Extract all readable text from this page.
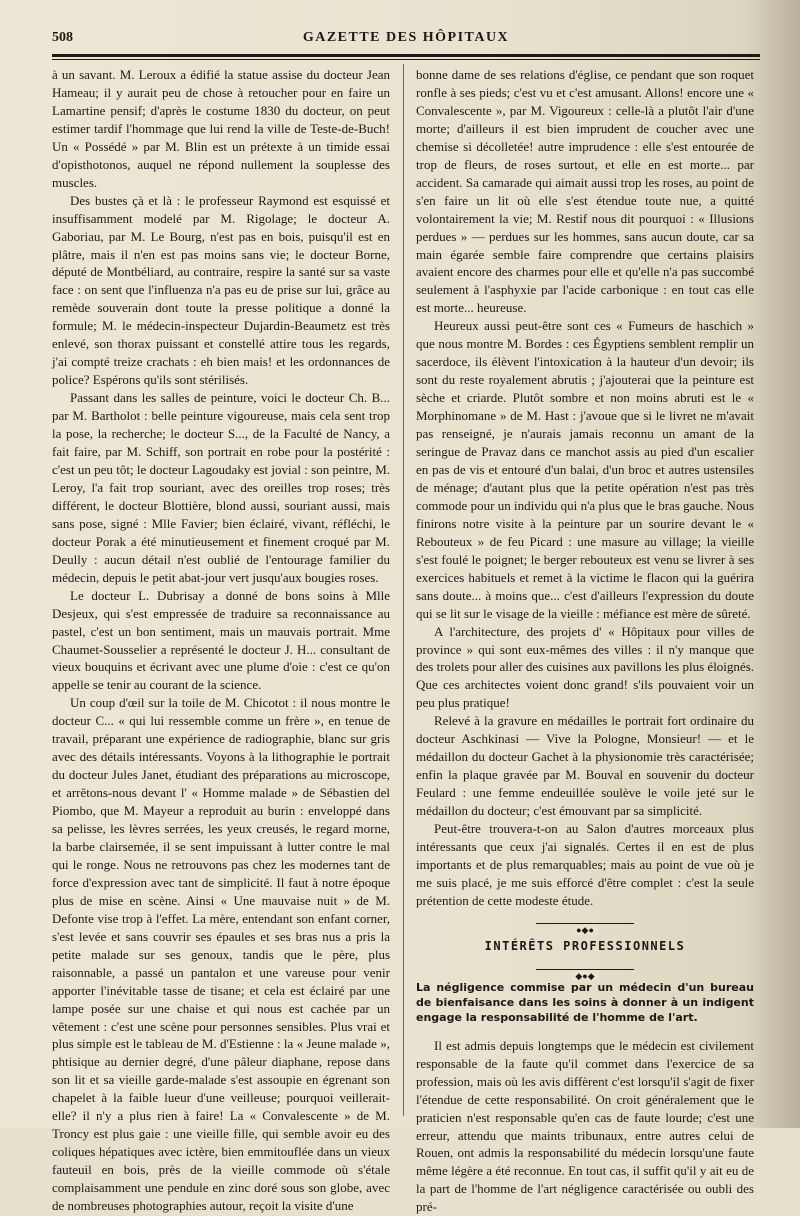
508	GAZETTE DES HÔPITAUX

à un savant. M. Leroux a édifié la statue assise du docteur Jean Hameau; il y aurait peu de chose à retoucher pour en faire un Lamartine pensif; d'après le costume 1830 du docteur, on peut estimer tardif l'hommage que lui rend la ville de Teste-de-Buch! Un « Possédé » par M. Blin est un prétexte à un timide essai d'opisthotonos, auquel ne répond nullement la souplesse des muscles.

Des bustes çà et là : le professeur Raymond est esquissé et insuffisamment modelé par M. Rigolage; le docteur A. Gaboriau, par M. Le Bourg, n'est pas en bois, puisqu'il est en plâtre, mais il n'en est pas moins sans vie; le docteur Borne, député de Montbéliard, au contraire, respire la santé sur sa vaste face : on sent que l'influenza n'a pas eu de prise sur lui, grâce au remède souverain dont toute la presse politique a donné la formule; M. le médecin-inspecteur Dujardin-Beaumetz est très enlevé, son thorax puissant et constellé attire tous les regards, j'ai compté treize crachats : eh bien mais! et les ordonnances de police? Espérons qu'ils sont stérilisés.

Passant dans les salles de peinture, voici le docteur Ch. B... par M. Bartholot : belle peinture vigoureuse, mais cela sent trop la pose, la recherche; le docteur S..., de la Faculté de Nancy, a fait faire, par M. Schiff, son portrait en robe pour la postérité : c'est un peu tôt; le docteur Lagoudaky est jovial : son peintre, M. Leroy, l'a fait trop souriant, avec des oreilles trop roses; très différent, le docteur Blottière, blond aussi, souriant aussi, mais sans pose, signé : Mlle Favier; bien éclairé, vivant, réfléchi, le docteur Porak a été minutieusement et finement croqué par M. Deully : aucun détail n'est oublié de l'entourage familier du médecin, depuis le petit abat-jour vert jusqu'aux bougies roses.

Le docteur L. Dubrisay a donné de bons soins à Mlle Desjeux, qui s'est empressée de traduire sa reconnaissance au pastel, c'est un bon sentiment, mais un mauvais portrait. Mme Chaumet-Sousselier a représenté le docteur J. H... consultant de vieux bouquins et écrivant avec une plume d'oie : c'est ce qu'on appelle se tenir au courant de la science.

Un coup d'œil sur la toile de M. Chicotot : il nous montre le docteur C... « qui lui ressemble comme un frère », en tenue de travail, préparant une expérience de radiographie, blanc sur gris avec des détails intéressants. Voyons à la lithographie le portrait du docteur Jules Janet, étudiant des préparations au microscope, et arrêtons-nous devant l' « Homme malade » de Sébastien del Piombo, que M. Mayeur a reproduit au burin : enveloppé dans sa pelisse, les lèvres serrées, les yeux creusés, le regard morne, la barbe clairsemée, il se sent impuissant à lutter contre le mal qui le ronge. Nous ne retrouvons pas chez les modernes tant de force d'expression avec tant de simplicité. Il faut à notre époque plus de mise en scène. Ainsi « Une mauvaise nuit » de M. Defonte vise trop à l'effet. La mère, entendant son enfant corner, s'est levée et sans couvrir ses épaules et ses bras nus a pris la petite malade sur ses genoux, tandis que le père, plus raisonnable, a passé un pantalon et une vareuse pour venir apporter l'inévitable tasse de tisane; et cela est éclairé par une lampe posée sur une chaise et qui nous est cachée par un vêtement : c'est une scène pour personnes sensibles. Plus vrai et plus simple est le tableau de M. d'Estienne : la « Jeune malade », phtisique au dernier degré, d'une pâleur diaphane, repose dans son lit et sa vieille garde-malade s'est assoupie en égrenant son chapelet à la faible lueur d'une veilleuse; pourquoi veillerait-elle? il n'y a plus rien à faire! La « Convalescente » de M. Troncy est plus gaie : une vieille fille, qui semble avoir eu des coliques hépatiques avec ictère, bien emmitouflée dans un vieux fauteuil en bois, près de la vieille commode où s'étale complaisamment une pendule en zinc doré sous son globe, avec de nombreuses photographies autour, reçoit la visite d'une

bonne dame de ses relations d'église, ce pendant que son roquet ronfle à ses pieds; c'est vu et c'est amusant. Allons! encore une « Convalescente », par M. Vigoureux : celle-là a plutôt l'air d'une morte; d'ailleurs il est bien imprudent de coucher avec une chemise si décolletée! autre imprudence : elle s'est entourée de trop de fleurs, de roses surtout, et elle en est morte... par accident. Sa camarade qui aimait aussi trop les roses, au point de s'en faire un lit où elle s'est étendue toute nue, a quitté volontairement la vie; M. Restif nous dit pourquoi : « Illusions perdues » — perdues sur les hommes, sans aucun doute, car sa main égarée semble faire comprendre que certains plaisirs avaient encore des charmes pour elle et qu'elle n'a pas succombé seulement à l'asphyxie par l'acide carbonique : en tout cas elle est morte... heureuse.

Heureux aussi peut-être sont ces « Fumeurs de haschich » que nous montre M. Bordes : ces Égyptiens semblent remplir un sacerdoce, ils élèvent l'intoxication à la hauteur d'un devoir; ils sont du reste royalement abrutis ; j'ajouterai que la peinture est sèche et criarde. Plutôt sombre et non moins abruti est le « Morphinomane » de M. Hast : j'avoue que si le livret ne m'avait pas renseigné, je n'aurais jamais reconnu un amant de la seringue de Pravaz dans ce manchot assis au pied d'un escalier en pas de vis et entouré d'un balai, d'un broc et autres ustensiles de ménage; d'autant plus que la petite opération n'est pas très commode pour un individu qui n'a plus que le bras gauche. Nous finirons notre visite à la peinture par un sourire devant le « Rebouteux » de feu Picard : une masure au village; la vieille s'est foulé le poignet; le berger rebouteux est venu se livrer à ses exercices habituels et remet à la victime le flacon qui la guérira sans doute... à moins que... c'est d'ailleurs l'expression du doute qui se lit sur le visage de la vieille : méfiance est mère de sûreté.

A l'architecture, des projets d' « Hôpitaux pour villes de province » qui sont eux-mêmes des villes : il n'y manque que des trolets pour aller des cuisines aux pavillons les plus éloignés. Que ces architectes voient donc grand! s'ils pouvaient voir un peu plus pratique!

Relevé à la gravure en médailles le portrait fort ordinaire du docteur Aschkinasi — Vive la Pologne, Monsieur! — et le médaillon du docteur Gachet à la physionomie très caractérisée; enfin la plaque gravée par M. Bouval en souvenir du docteur Feulard : une femme endeuillée soulève le voile jeté sur le médaillon du docteur; c'est émouvant par sa simplicité.

Peut-être trouvera-t-on au Salon d'autres morceaux plus intéressants que ceux j'ai signalés. Certes il en est de plus importants et de plus remarquables; mais au point de vue où je me suis placé, je me suis efforcé d'être complet : c'est la seule prétention de cette modeste étude.

●◆●
INTÉRÊTS PROFESSIONNELS
◆●◆
La négligence commise par un médecin d'un bureau de bienfaisance dans les soins à donner à un indigent engage la responsabilité de l'homme de l'art.

Il est admis depuis longtemps que le médecin est civilement responsable de la faute qu'il commet dans l'exercice de sa profession, mais où les avis diffèrent c'est lorsqu'il s'agit de fixer l'étendue de cette responsabilité. On croit généralement que le praticien n'est responsable qu'en cas de faute lourde; c'est une erreur, attendu que maints tribunaux, entre autres celui de Rouen, ont admis la responsabilité du médecin lorsqu'une faute même légère a été reconnue. En tout cas, il suffit qu'il y ait eu de la part de l'homme de l'art négligence caractérisée ou oubli des pré-
